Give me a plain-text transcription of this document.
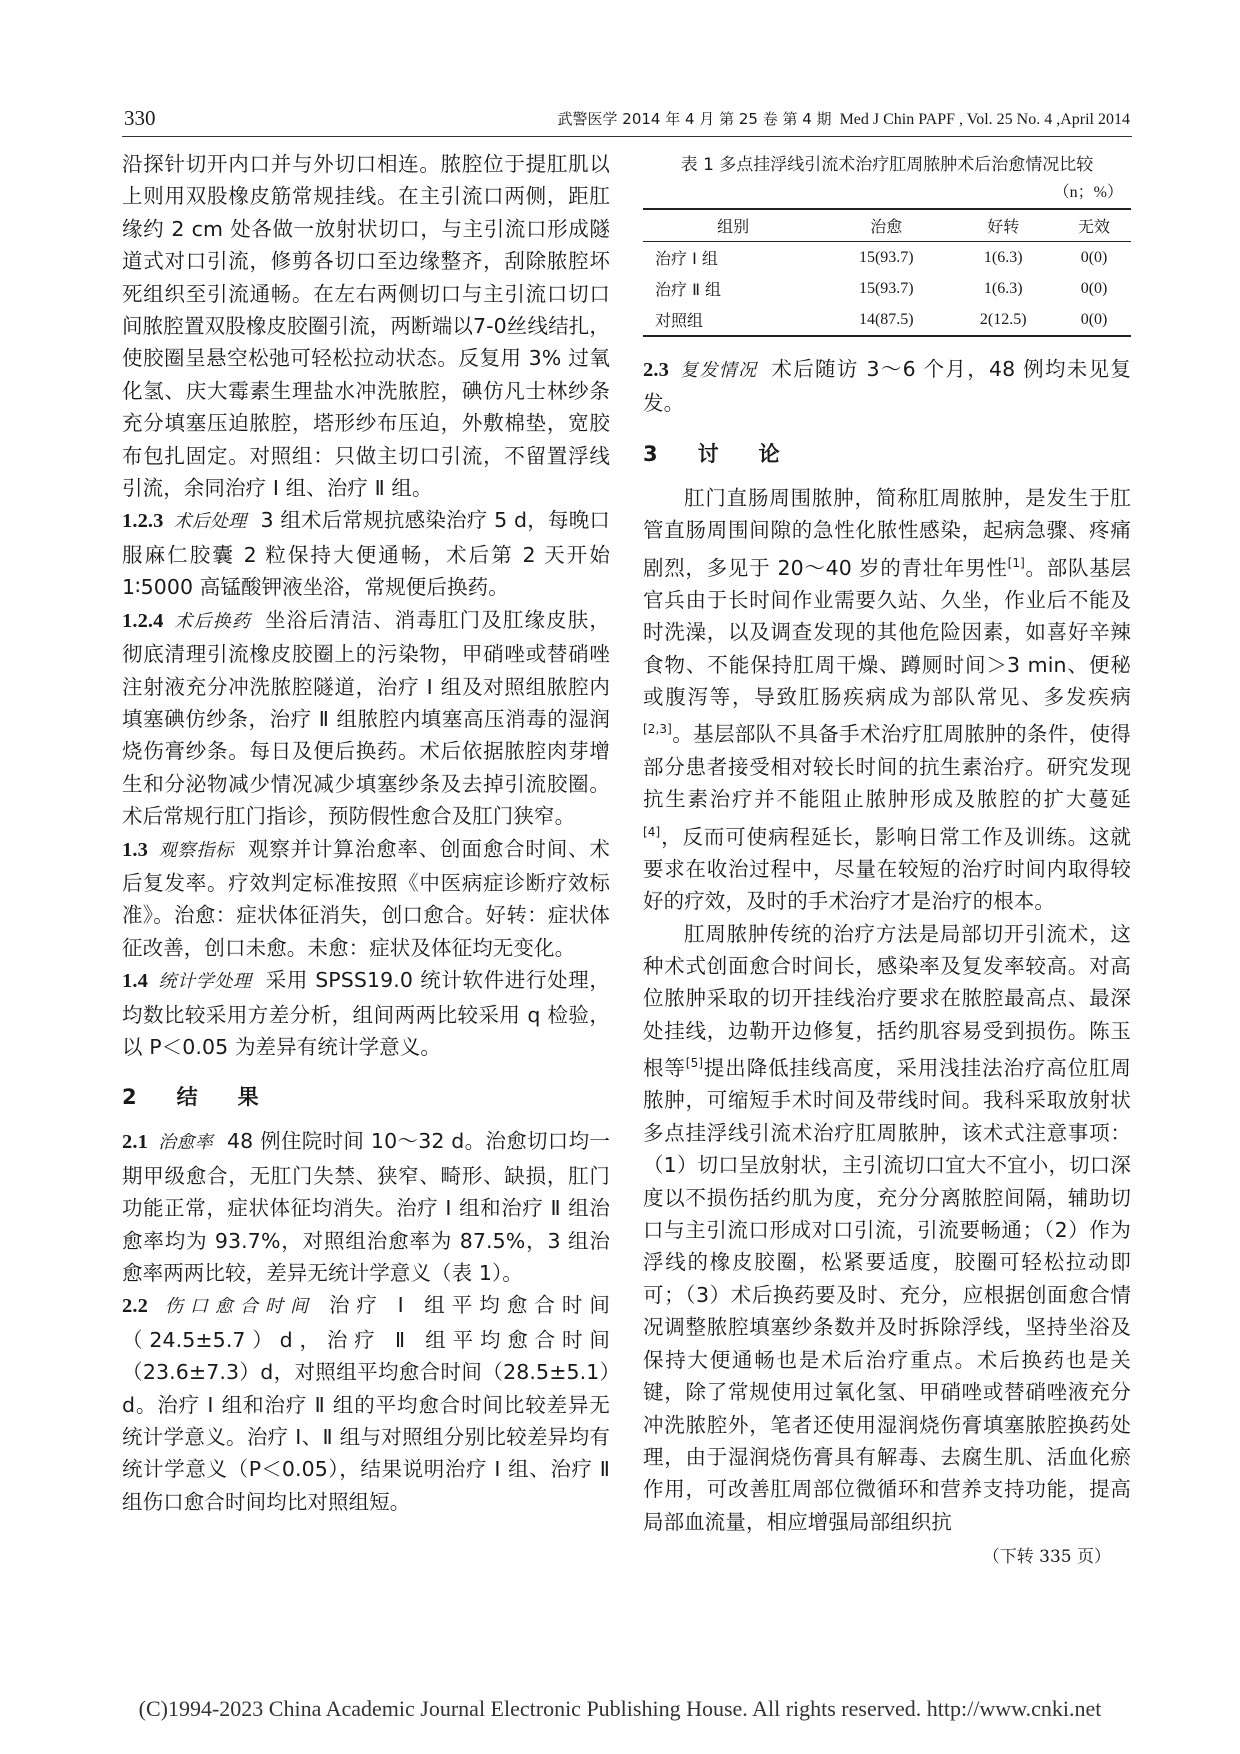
330	武警医学 2014 年 4 月 第 25 卷 第 4 期 Med J Chin PAPF , Vol. 25 No. 4 ,April 2014

沿探针切开内口并与外切口相连。脓腔位于提肛肌以上则用双股橡皮筋常规挂线。在主引流口两侧，距肛缘约 2 cm 处各做一放射状切口，与主引流口形成隧道式对口引流，修剪各切口至边缘整齐，刮除脓腔坏死组织至引流通畅。在左右两侧切口与主引流口切口间脓腔置双股橡皮胶圈引流，两断端以7-0丝线结扎，使胶圈呈悬空松弛可轻松拉动状态。反复用 3% 过氧化氢、庆大霉素生理盐水冲洗脓腔，碘仿凡士林纱条充分填塞压迫脓腔，塔形纱布压迫，外敷棉垫，宽胶布包扎固定。对照组：只做主切口引流，不留置浮线引流，余同治疗 Ⅰ 组、治疗 Ⅱ 组。

1.2.3 术后处理 3 组术后常规抗感染治疗 5 d，每晚口服麻仁胶囊 2 粒保持大便通畅，术后第 2 天开始 1∶5000 高锰酸钾液坐浴，常规便后换药。

1.2.4 术后换药 坐浴后清洁、消毒肛门及肛缘皮肤，彻底清理引流橡皮胶圈上的污染物，甲硝唑或替硝唑注射液充分冲洗脓腔隧道，治疗 Ⅰ 组及对照组脓腔内填塞碘仿纱条，治疗 Ⅱ 组脓腔内填塞高压消毒的湿润烧伤膏纱条。每日及便后换药。术后依据脓腔肉芽增生和分泌物减少情况减少填塞纱条及去掉引流胶圈。术后常规行肛门指诊，预防假性愈合及肛门狭窄。

1.3 观察指标 观察并计算治愈率、创面愈合时间、术后复发率。疗效判定标准按照《中医病症诊断疗效标准》。治愈：症状体征消失，创口愈合。好转：症状体征改善，创口未愈。未愈：症状及体征均无变化。

1.4 统计学处理 采用 SPSS19.0 统计软件进行处理，均数比较采用方差分析，组间两两比较采用 q 检验，以 P＜0.05 为差异有统计学意义。

2 结 果

2.1 治愈率 48 例住院时间 10～32 d。治愈切口均一期甲级愈合，无肛门失禁、狭窄、畸形、缺损，肛门功能正常，症状体征均消失。治疗 Ⅰ 组和治疗 Ⅱ 组治愈率均为 93.7%，对照组治愈率为 87.5%，3 组治愈率两两比较，差异无统计学意义（表 1）。

2.2 伤口愈合时间 治疗 Ⅰ 组平均愈合时间（24.5±5.7）d，治疗 Ⅱ 组平均愈合时间（23.6±7.3）d，对照组平均愈合时间（28.5±5.1）d。治疗 Ⅰ 组和治疗 Ⅱ 组的平均愈合时间比较差异无统计学意义。治疗 Ⅰ、Ⅱ 组与对照组分别比较差异均有统计学意义（P＜0.05），结果说明治疗 Ⅰ 组、治疗 Ⅱ 组伤口愈合时间均比对照组短。

表 1 多点挂浮线引流术治疗肛周脓肿术后治愈情况比较

（n；%）

组别	治愈	好转	无效
治疗 Ⅰ 组	15(93.7)	1(6.3)	0(0)
治疗 Ⅱ 组	15(93.7)	1(6.3)	0(0)
对照组	14(87.5)	2(12.5)	0(0)

2.3 复发情况 术后随访 3～6 个月，48 例均未见复发。

3 讨 论

肛门直肠周围脓肿，简称肛周脓肿，是发生于肛管直肠周围间隙的急性化脓性感染，起病急骤、疼痛剧烈，多见于 20～40 岁的青壮年男性[1]。部队基层官兵由于长时间作业需要久站、久坐，作业后不能及时洗澡，以及调查发现的其他危险因素，如喜好辛辣食物、不能保持肛周干燥、蹲厕时间＞3 min、便秘或腹泻等，导致肛肠疾病成为部队常见、多发疾病[2,3]。基层部队不具备手术治疗肛周脓肿的条件，使得部分患者接受相对较长时间的抗生素治疗。研究发现抗生素治疗并不能阻止脓肿形成及脓腔的扩大蔓延[4]，反而可使病程延长，影响日常工作及训练。这就要求在收治过程中，尽量在较短的治疗时间内取得较好的疗效，及时的手术治疗才是治疗的根本。

肛周脓肿传统的治疗方法是局部切开引流术，这种术式创面愈合时间长，感染率及复发率较高。对高位脓肿采取的切开挂线治疗要求在脓腔最高点、最深处挂线，边勒开边修复，括约肌容易受到损伤。陈玉根等[5]提出降低挂线高度，采用浅挂法治疗高位肛周脓肿，可缩短手术时间及带线时间。我科采取放射状多点挂浮线引流术治疗肛周脓肿，该术式注意事项：（1）切口呈放射状，主引流切口宜大不宜小，切口深度以不损伤括约肌为度，充分分离脓腔间隔，辅助切口与主引流口形成对口引流，引流要畅通；（2）作为浮线的橡皮胶圈，松紧要适度，胶圈可轻松拉动即可；（3）术后换药要及时、充分，应根据创面愈合情况调整脓腔填塞纱条数并及时拆除浮线，坚持坐浴及保持大便通畅也是术后治疗重点。术后换药也是关键，除了常规使用过氧化氢、甲硝唑或替硝唑液充分冲洗脓腔外，笔者还使用湿润烧伤膏填塞脓腔换药处理，由于湿润烧伤膏具有解毒、去腐生肌、活血化瘀作用，可改善肛周部位微循环和营养支持功能，提高局部血流量，相应增强局部组织抗

（下转 335 页）

(C)1994-2023 China Academic Journal Electronic Publishing House. All rights reserved. http://www.cnki.net
